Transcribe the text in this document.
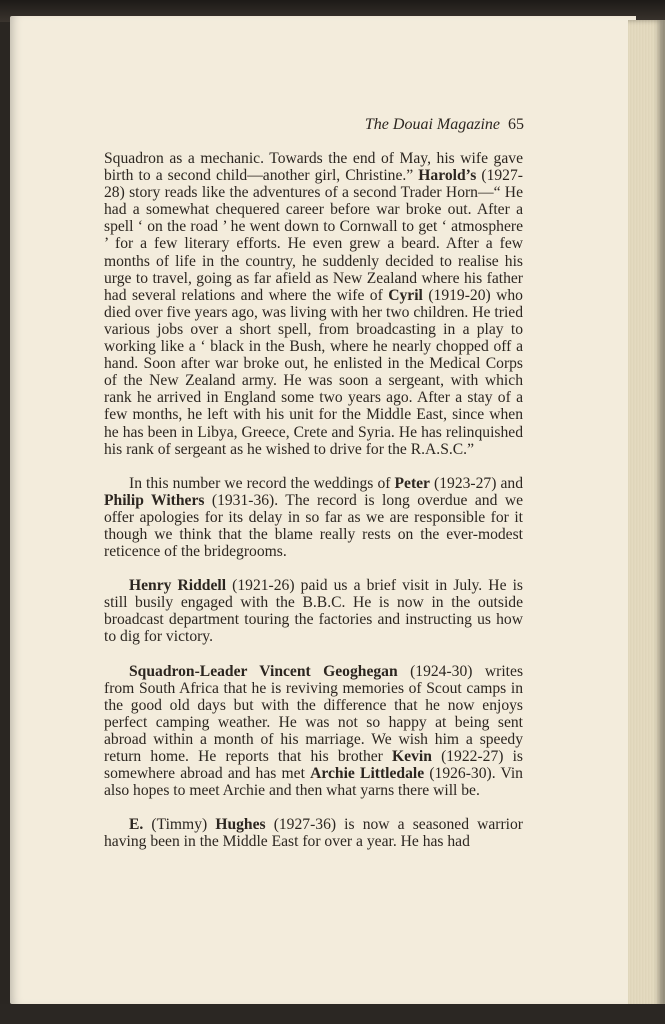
The Douai Magazine 65

Squadron as a mechanic. Towards the end of May, his wife gave birth to a second child—another girl, Christine.” Harold’s (1927-28) story reads like the adventures of a second Trader Horn—“ He had a somewhat chequered career before war broke out. After a spell ‘ on the road ’ he went down to Cornwall to get ‘ atmosphere ’ for a few literary efforts. He even grew a beard. After a few months of life in the country, he suddenly decided to realise his urge to travel, going as far afield as New Zealand where his father had several relations and where the wife of Cyril (1919-20) who died over five years ago, was living with her two children. He tried various jobs over a short spell, from broadcasting in a play to working like a ‘ black in the Bush, where he nearly chopped off a hand. Soon after war broke out, he enlisted in the Medical Corps of the New Zealand army. He was soon a sergeant, with which rank he arrived in England some two years ago. After a stay of a few months, he left with his unit for the Middle East, since when he has been in Libya, Greece, Crete and Syria. He has relinquished his rank of sergeant as he wished to drive for the R.A.S.C.”

In this number we record the weddings of Peter (1923-27) and Philip Withers (1931-36). The record is long overdue and we offer apologies for its delay in so far as we are responsible for it though we think that the blame really rests on the ever-modest reticence of the bridegrooms.

Henry Riddell (1921-26) paid us a brief visit in July. He is still busily engaged with the B.B.C. He is now in the outside broadcast department touring the factories and instructing us how to dig for victory.

Squadron-Leader Vincent Geoghegan (1924-30) writes from South Africa that he is reviving memories of Scout camps in the good old days but with the difference that he now enjoys perfect camping weather. He was not so happy at being sent abroad within a month of his marriage. We wish him a speedy return home. He reports that his brother Kevin (1922-27) is somewhere abroad and has met Archie Littledale (1926-30). Vin also hopes to meet Archie and then what yarns there will be.

E. (Timmy) Hughes (1927-36) is now a seasoned warrior having been in the Middle East for over a year. He has had
